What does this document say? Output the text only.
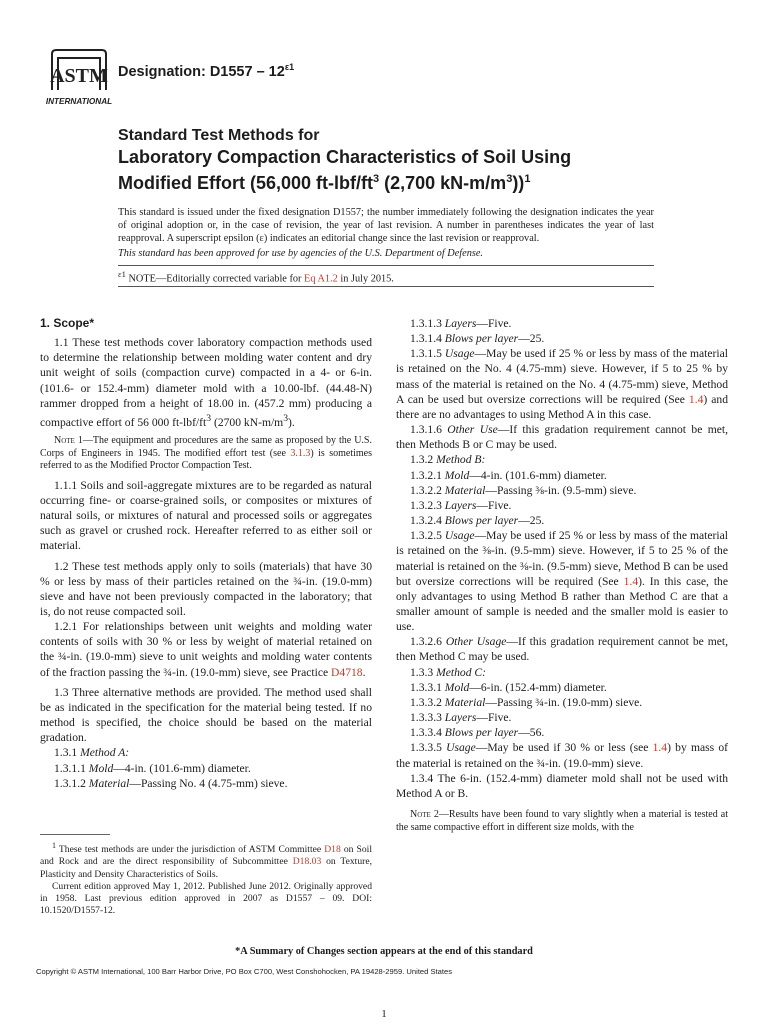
ASTM
INTERNATIONAL
Designation: $D1557 - 12^{\varepsilon 1}$
Standard Test Methods for
Laboratory Compaction Characteristics of Soil Using
Modified Effort (56,000 $ft-lbf/ft^3$ (2,700 $kN-m/m^3))^1$
This standard is issued under the fixed designation D1557; the number immediately following the designation indicates the year of original adoption or, in the case of revision, the year of last revision. A number in parentheses indicates the year of last reapproval. A superscript epsilon (ε) indicates an editorial change since the last revision or reapproval.
This standard has been approved for use by agencies of the U.S. Department of Defense.
$^{\varepsilon 1}$ NOTE—Editorially corrected variable for Eq A1.2 in July 2015.
1. Scope*

1.1 These test methods cover laboratory compaction methods used to determine the relationship between molding water content and dry unit weight of soils (compaction curve) compacted in a 4- or 6-in. (101.6- or 152.4-mm) diameter mold with a 10.00-lbf. (44.48-N) rammer dropped from a height of 18.00 in. (457.2 mm) producing a compactive effort of 56 000 $ft-lbf/ft^3$ (2700 $kN-m/m^3$).

Note 1—The equipment and procedures are the same as proposed by the U.S. Corps of Engineers in 1945. The modified effort test (see 3.1.3) is sometimes referred to as the Modified Proctor Compaction Test.

1.1.1 Soils and soil-aggregate mixtures are to be regarded as natural occurring fine- or coarse-grained soils, or composites or mixtures of natural soils, or mixtures of natural and processed soils or aggregates such as gravel or crushed rock. Hereafter referred to as either soil or material.

1.2 These test methods apply only to soils (materials) that have 30 % or less by mass of their particles retained on the ¾-in. (19.0-mm) sieve and have not been previously compacted in the laboratory; that is, do not reuse compacted soil.

1.2.1 For relationships between unit weights and molding water contents of soils with 30 % or less by weight of material retained on the ¾-in. (19.0-mm) sieve to unit weights and molding water contents of the fraction passing the ¾-in. (19.0-mm) sieve, see Practice D4718.

1.3 Three alternative methods are provided. The method used shall be as indicated in the specification for the material being tested. If no method is specified, the choice should be based on the material gradation.

1.3.1 Method A:

1.3.1.1 Mold—4-in. (101.6-mm) diameter.

1.3.1.2 Material—Passing No. 4 (4.75-mm) sieve.

1.3.1.3 Layers—Five.

1.3.1.4 Blows per layer—25.

1.3.1.5 Usage—May be used if 25 % or less by mass of the material is retained on the No. 4 (4.75-mm) sieve. However, if 5 to 25 % by mass of the material is retained on the No. 4 (4.75-mm) sieve, Method A can be used but oversize corrections will be required (See 1.4) and there are no advantages to using Method A in this case.

1.3.1.6 Other Use—If this gradation requirement cannot be met, then Methods B or C may be used.

1.3.2 Method B:

1.3.2.1 Mold—4-in. (101.6-mm) diameter.

1.3.2.2 Material—Passing ⅜-in. (9.5-mm) sieve.

1.3.2.3 Layers—Five.

1.3.2.4 Blows per layer—25.

1.3.2.5 Usage—May be used if 25 % or less by mass of the material is retained on the ⅜-in. (9.5-mm) sieve. However, if 5 to 25 % of the material is retained on the ⅜-in. (9.5-mm) sieve, Method B can be used but oversize corrections will be required (See 1.4). In this case, the only advantages to using Method B rather than Method C are that a smaller amount of sample is needed and the smaller mold is easier to use.

1.3.2.6 Other Usage—If this gradation requirement cannot be met, then Method C may be used.

1.3.3 Method C:

1.3.3.1 Mold—6-in. (152.4-mm) diameter.

1.3.3.2 Material—Passing ¾-in. (19.0-mm) sieve.

1.3.3.3 Layers—Five.

1.3.3.4 Blows per layer—56.

1.3.3.5 Usage—May be used if 30 % or less (see 1.4) by mass of the material is retained on the ¾-in. (19.0-mm) sieve.

1.3.4 The 6-in. (152.4-mm) diameter mold shall not be used with Method A or B.

Note 2—Results have been found to vary slightly when a material is tested at the same compactive effort in different size molds, with the

$^1$ These test methods are under the jurisdiction of ASTM Committee D18 on Soil and Rock and are the direct responsibility of Subcommittee D18.03 on Texture, Plasticity and Density Characteristics of Soils.

Current edition approved May 1, 2012. Published June 2012. Originally approved in 1958. Last previous edition approved in 2007 as D1557 – 09. DOI: 10.1520/D1557-12.

*A Summary of Changes section appears at the end of this standard
Copyright © ASTM International, 100 Barr Harbor Drive, PO Box C700, West Conshohocken, PA 19428-2959. United States
1
